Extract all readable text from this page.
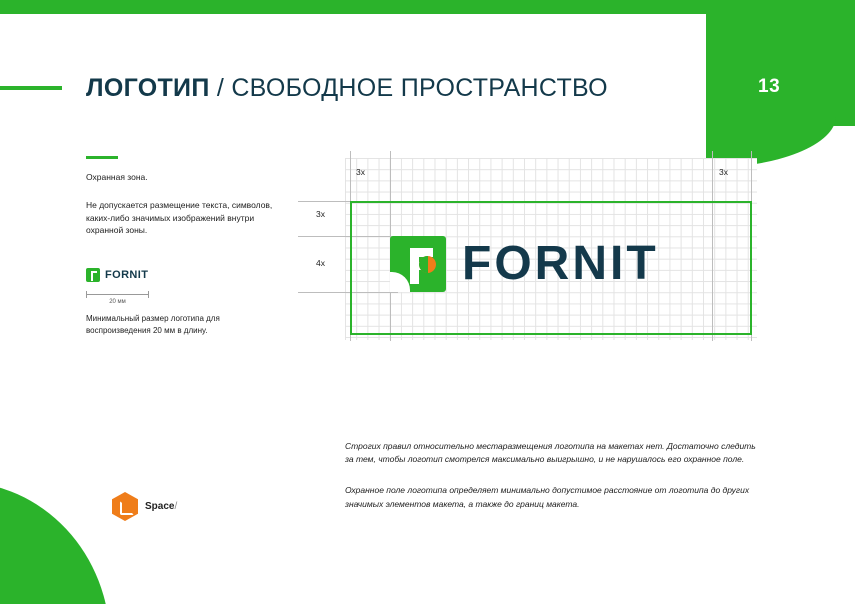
13
ЛОГОТИП / СВОБОДНОЕ ПРОСТРАНСТВО
Охранная зона.
Не допускается размещение текста, символов, каких-либо значимых изображений внутри охранной зоны.
FORNIT
20 мм
Минимальный размер логотипа для воспроизведения 20 мм в длину.
3x	3x
3x
4x	FORNIT
Строгих правил относительно местаразмещения логотипа на макетах нет. Достаточно следить за тем, чтобы логотип смотрелся максимально выигрышно, и не нарушалось его охранное поле.
Охранное поле логотипа определяет минимально допустимое расстояние от логотипа до других значимых элементов макета, а также до границ макета.
Space/
